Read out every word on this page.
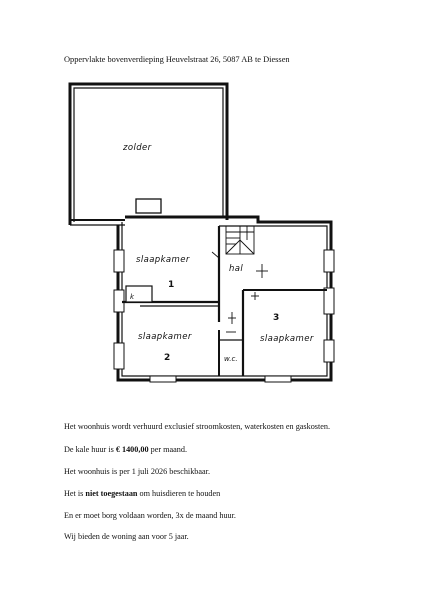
Oppervlakte bovenverdieping Heuvelstraat 26, 5087 AB te Diessen
zolder
slaapkamer
1
k
hal
slaapkamer
2	w.c.
3
slaapkamer
Het woonhuis wordt verhuurd exclusief stroomkosten, waterkosten en gaskosten.
De kale huur is € 1400,00 per maand.
Het woonhuis is per 1 juli 2026 beschikbaar.
Het is niet toegestaan om huisdieren te houden
En er moet borg voldaan worden, 3x de maand huur.
Wij bieden de woning aan voor 5 jaar.
